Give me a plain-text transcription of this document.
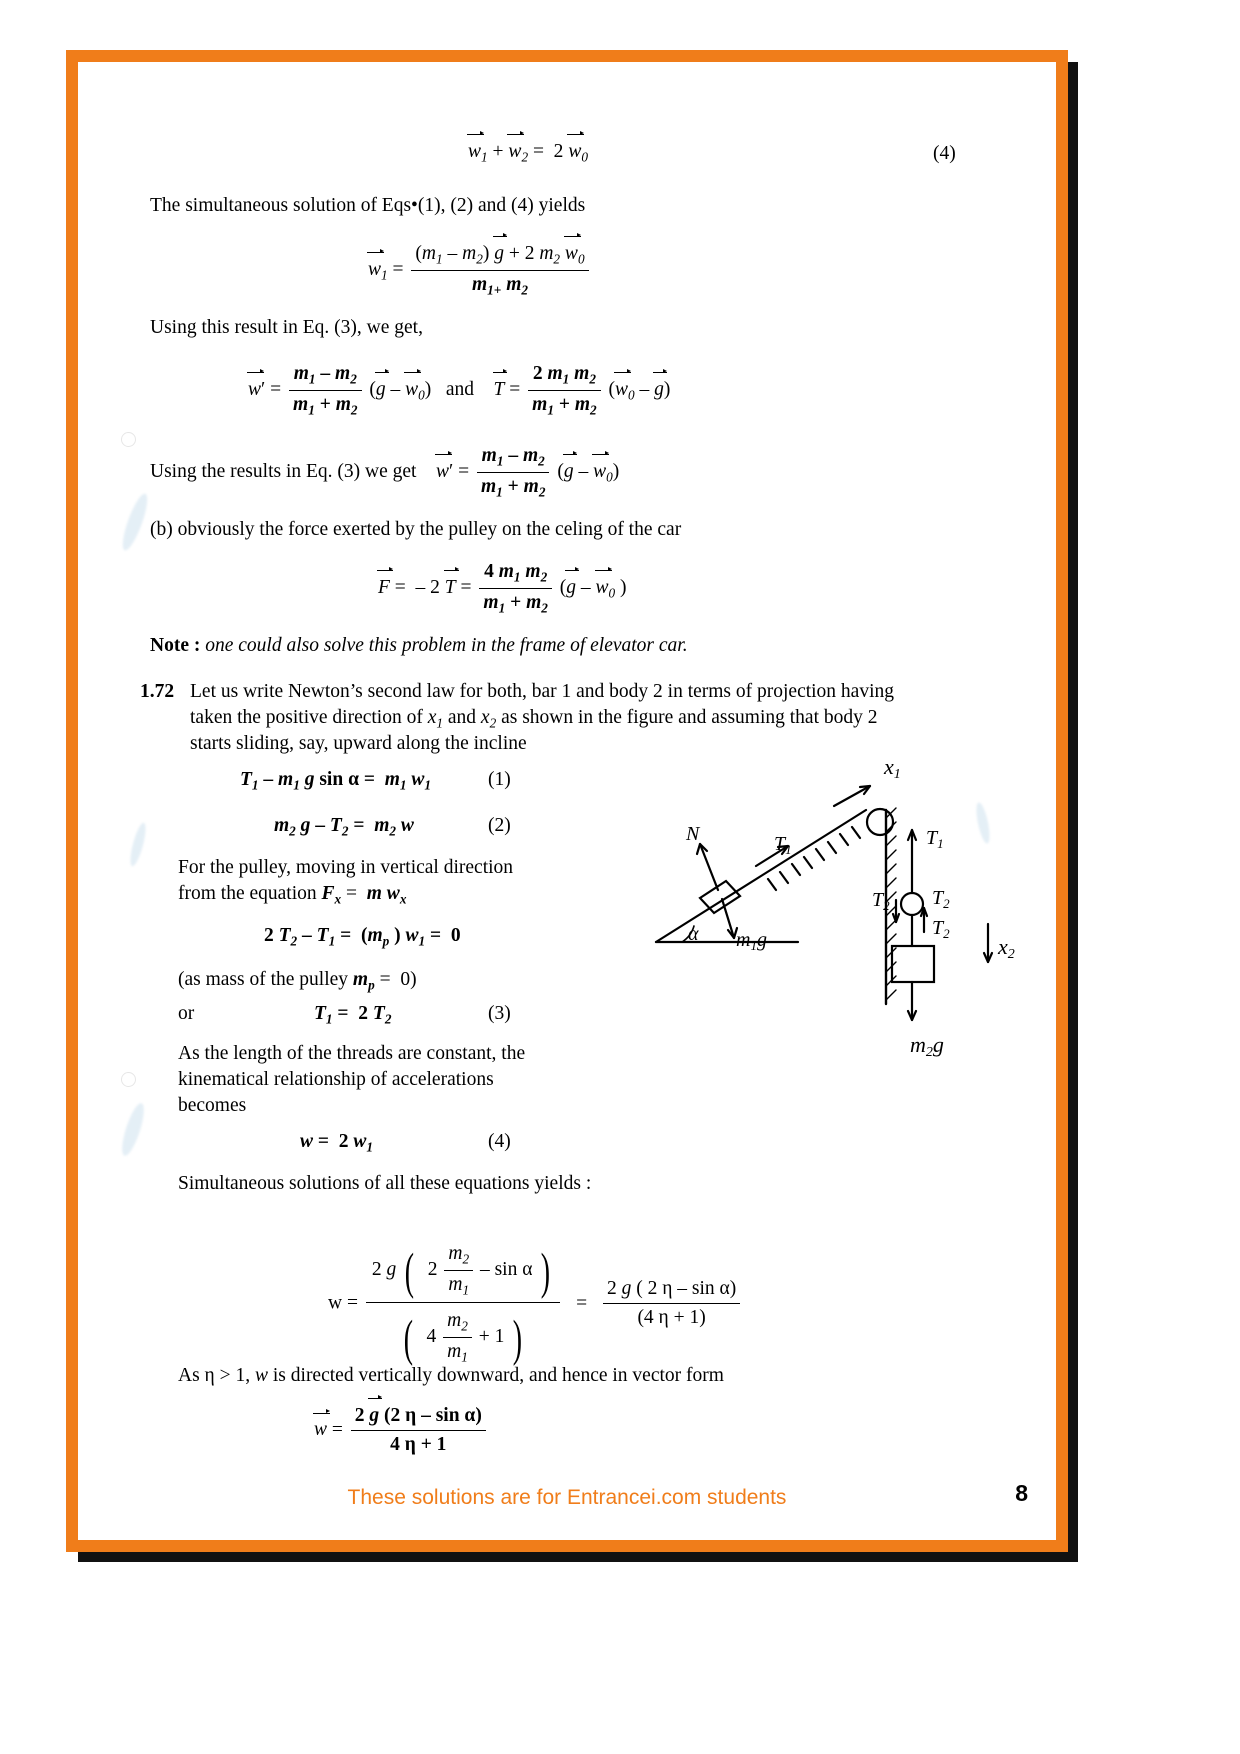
$w_1 + w_2 = 2$ $w_0$	(4)
The simultaneous solution of Eqs•(1), (2) and (4) yields
$w_1 = \frac{(m_1 - m_2) g + 2 m_2 w_0}{m_{1+} m_2}$
Using this result in Eq. (3), we get,
$w' = \frac{m_1 - m_2}{m_1 + m_2} (g - w_0)$   and $T = \frac{2 m_1 m_2}{m_1 + m_2} (w_0 - g)$
Using the results in Eq. (3) we get $w' = \frac{m_1 - m_2}{m_1 + m_2} (g - w_0)$
(b) obviously the force exerted by the pulley on the celing of the car
F =  – 2 $T = \frac{4 m_1 m_2}{m_1 + m_2} (g - w_0$ )
Note : one could also solve this problem in the frame of elevator car.
1.72 Let us write Newton’s second law for both, bar 1 and body 2 in terms of projection having
taken the positive direction of $x_1$ and $x_2$ as shown in the figure and assuming that body 2
starts sliding, say, upward along the incline
$T_1 - m_1$ g $\sin \alpha = m_1$ $w_1$	(1)
$m_2$ $g - T_2 = m_2$ w	(2)
For the pulley, moving in vertical direction
from the equation $F_x = m$ $w_x$
2 $T_2 - T_1 = (m_p$ ) $w_1 = 0$
(as mass of the pulley $m_p = 0$)
or	$T_1 = 2$ $T_2$	(3)
As the length of the threads are constant, the
kinematical relationship of accelerations
becomes
w =  2 $w_1$	(4)
Simultaneous solutions of all these equations yields :
w =
2 g (  $2 \frac{m_2}{m_1}$ – sin α )
(  $4 \frac{m_2}{m_1} + 1$ )
= $\frac{\text{2 g ( 2 η – sin α)}}{(4 \eta + 1)}$
As η > 1, w is directed vertically downward, and hence in vector form
$w = \frac{\text{2 g (2 η – sin α)}}{4 \eta + 1}$
N	$T_1$
α $m_1g$
x1
$T_1$
$T_2$ $T_2$
$T_2$
m2g
x2
These solutions are for Entrancei.com students	8
